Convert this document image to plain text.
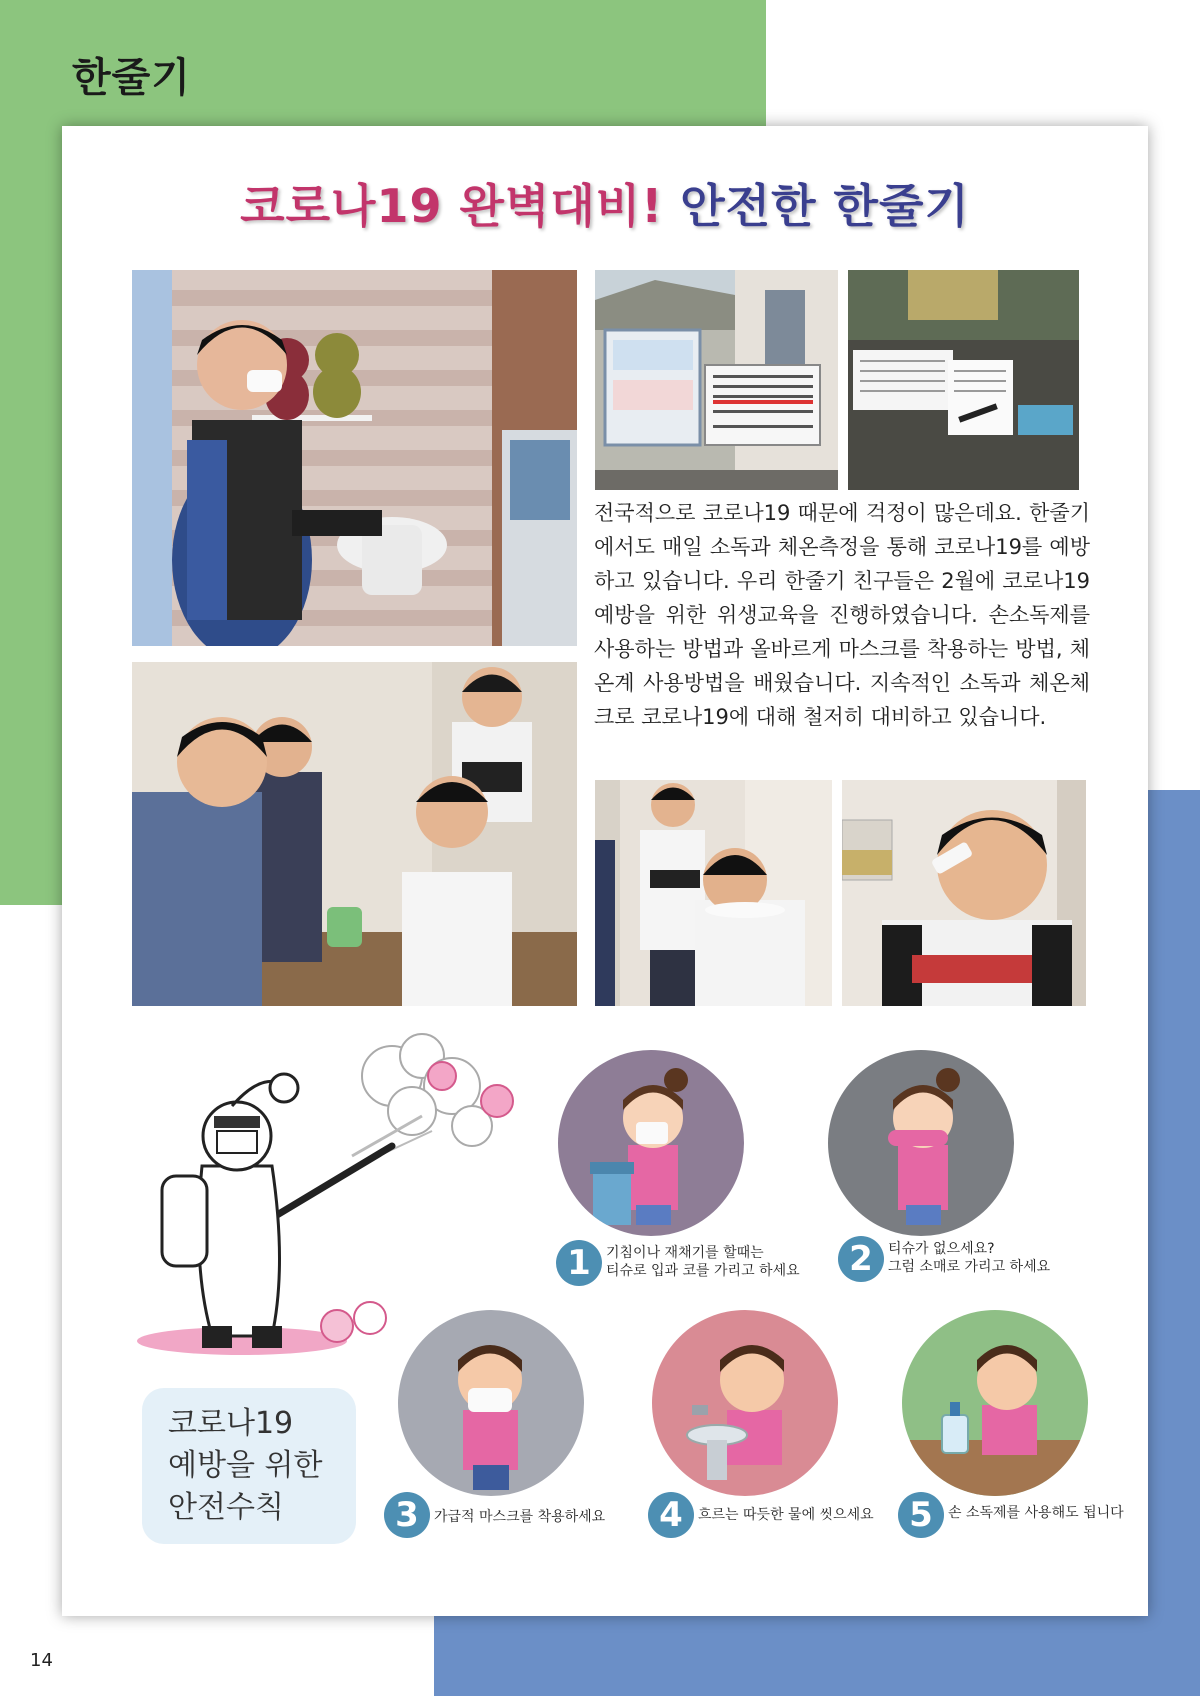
한줄기
코로나19 완벽대비! 안전한 한줄기
전국적으로 코로나19 때문에 걱정이 많은데요. 한줄기에서도 매일 소독과 체온측정을 통해 코로나19를 예방하고 있습니다. 우리 한줄기 친구들은 2월에 코로나19 예방을 위한 위생교육을 진행하였습니다. 손소독제를 사용하는 방법과 올바르게 마스크를 착용하는 방법, 체온계 사용방법을 배웠습니다. 지속적인 소독과 체온체크로 코로나19에 대해 철저히 대비하고 있습니다.
코로나19
예방을 위한
안전수칙
1	기침이나 재채기를 할때는
티슈로 입과 코를 가리고 하세요	2	티슈가 없으세요?
그럼 소매로 가리고 하세요
3	가급적 마스크를 착용하세요	4	흐르는 따듯한 물에 씻으세요	5	손 소독제를 사용해도 됩니다
14
